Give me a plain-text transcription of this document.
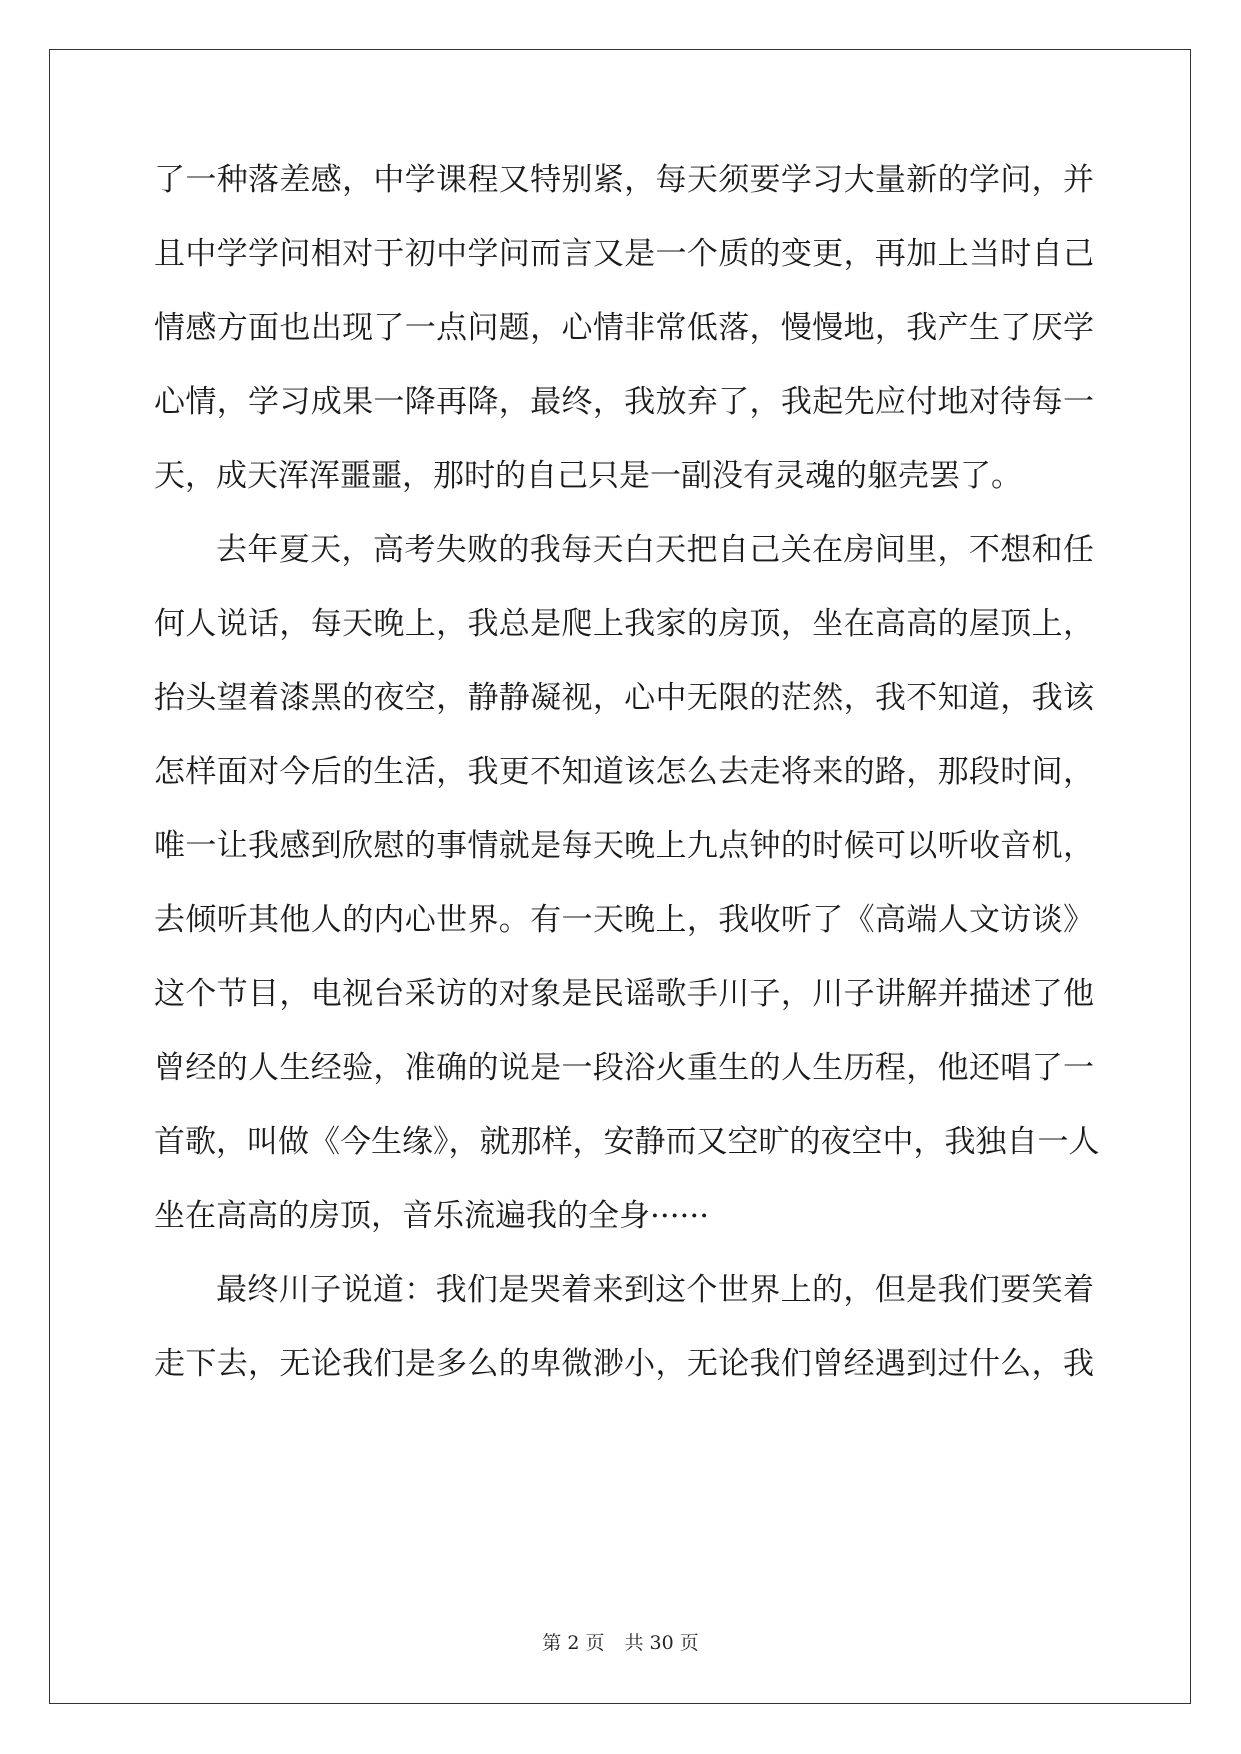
了一种落差感，中学课程又特别紧，每天须要学习大量新的学问，并
且中学学问相对于初中学问而言又是一个质的变更，再加上当时自己
情感方面也出现了一点问题，心情非常低落，慢慢地，我产生了厌学
心情，学习成果一降再降，最终，我放弃了，我起先应付地对待每一
天，成天浑浑噩噩，那时的自己只是一副没有灵魂的躯壳罢了。
去年夏天，高考失败的我每天白天把自己关在房间里，不想和任
何人说话，每天晚上，我总是爬上我家的房顶，坐在高高的屋顶上，
抬头望着漆黑的夜空，静静凝视，心中无限的茫然，我不知道，我该
怎样面对今后的生活，我更不知道该怎么去走将来的路，那段时间，
唯一让我感到欣慰的事情就是每天晚上九点钟的时候可以听收音机，
去倾听其他人的内心世界。有一天晚上，我收听了《高端人文访谈》
这个节目，电视台采访的对象是民谣歌手川子，川子讲解并描述了他
曾经的人生经验，准确的说是一段浴火重生的人生历程，他还唱了一
首歌，叫做《今生缘》，就那样，安静而又空旷的夜空中，我独自一人
坐在高高的房顶，音乐流遍我的全身······
最终川子说道：我们是哭着来到这个世界上的，但是我们要笑着
走下去，无论我们是多么的卑微渺小，无论我们曾经遇到过什么，我
第 2 页 共 30 页
